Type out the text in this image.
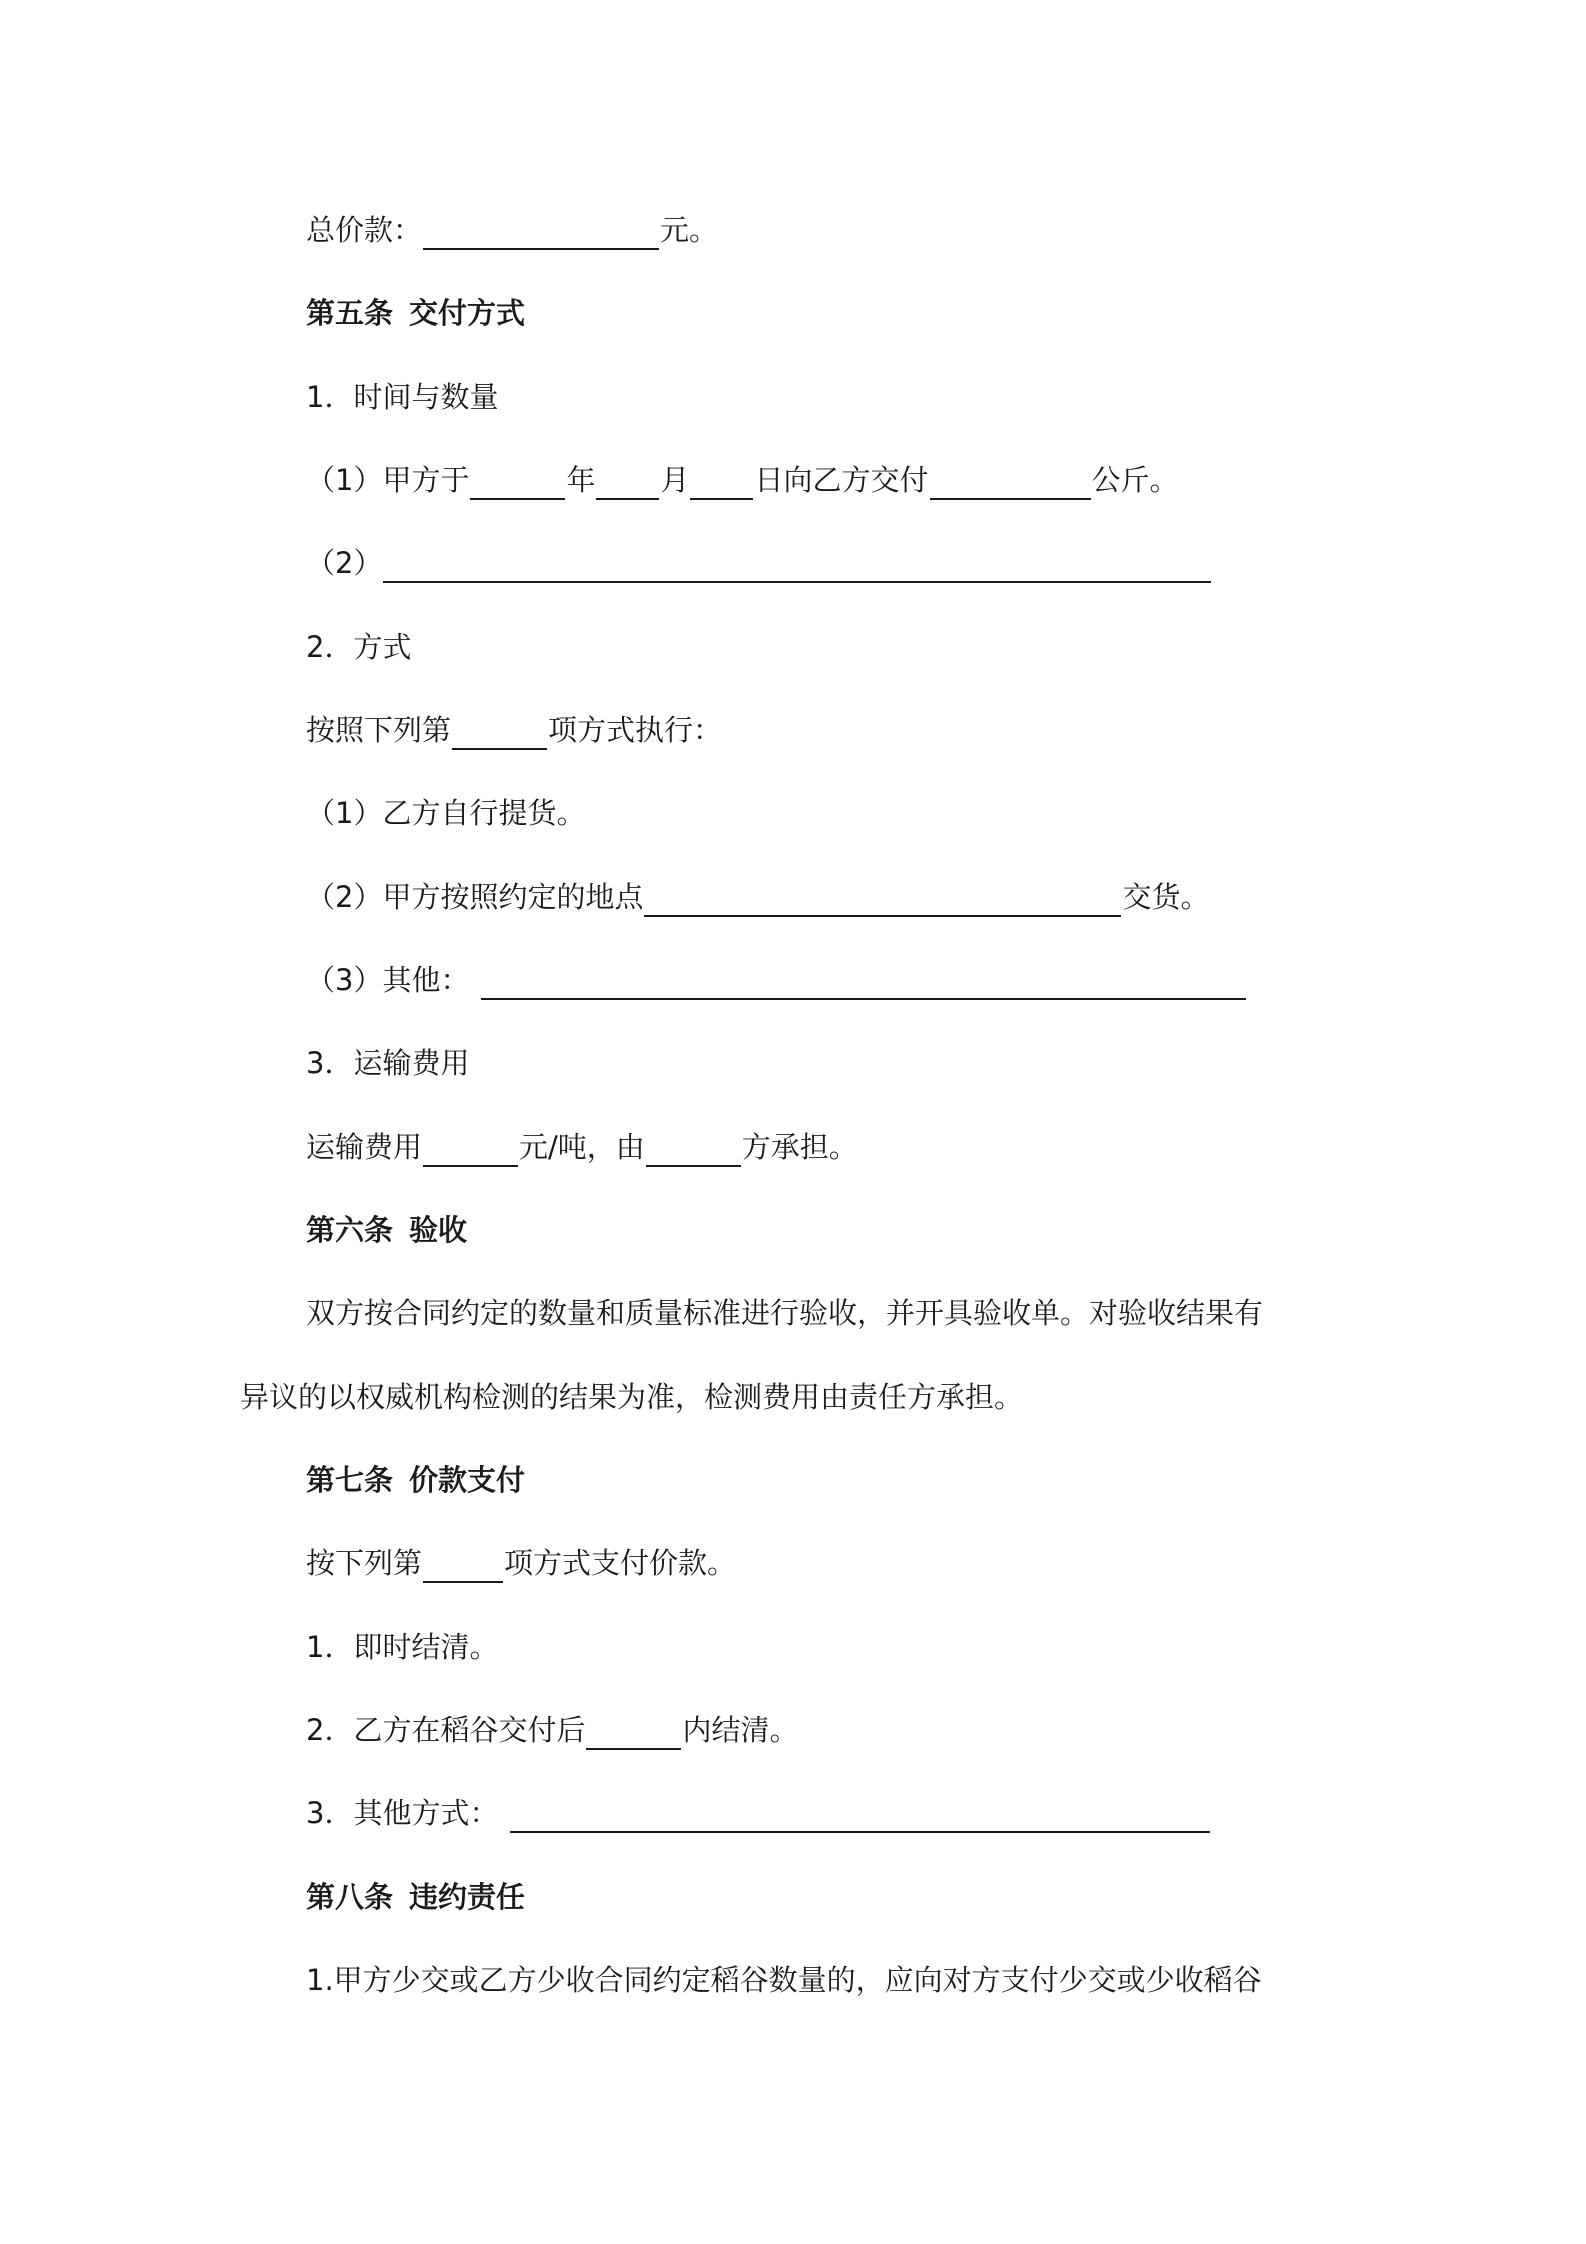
总价款：	元。
第五条 交付方式
1．时间与数量
（1）甲方于	年 月 日向乙方交付	公斤。
（2）
2．方式
按照下列第	项方式执行：
（1）乙方自行提货。
（2）甲方按照约定的地点	交货。
（3）其他：
3．运输费用
运输费用	元/吨，由	方承担。
第六条 验收
双方按合同约定的数量和质量标准进行验收，并开具验收单。对验收结果有
异议的以权威机构检测的结果为准，检测费用由责任方承担。
第七条 价款支付
按下列第	项方式支付价款。
1．即时结清。
2．乙方在稻谷交付后	内结清。
3．其他方式：
第八条 违约责任
1.甲方少交或乙方少收合同约定稻谷数量的，应向对方支付少交或少收稻谷
